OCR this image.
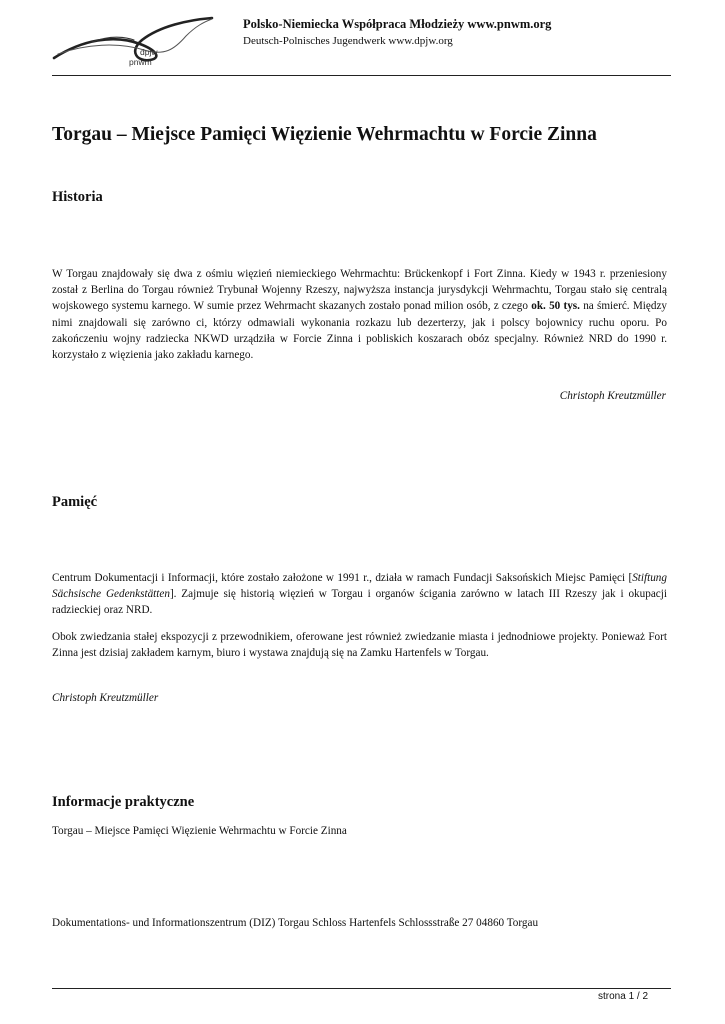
dpjw
pnwm
Polsko-Niemiecka Współpraca Młodzieży www.pnwm.org
Deutsch-Polnisches Jugendwerk www.dpjw.org
Torgau – Miejsce Pamięci Więzienie Wehrmachtu w Forcie Zinna
Historia

W Torgau znajdowały się dwa z ośmiu więzień niemieckiego Wehrmachtu: Brückenkopf i Fort Zinna. Kiedy w 1943 r. przeniesiony został z Berlina do Torgau również Trybunał Wojenny Rzeszy, najwyższa instancja jurysdykcji Wehrmachtu, Torgau stało się centralą wojskowego systemu karnego. W sumie przez Wehrmacht skazanych zostało ponad milion osób, z czego ok. 50 tys. na śmierć. Między nimi znajdowali się zarówno ci, którzy odmawiali wykonania rozkazu lub dezerterzy, jak i polscy bojownicy ruchu oporu. Po zakończeniu wojny radziecka NKWD urządziła w Forcie Zinna i pobliskich koszarach obóz specjalny. Również NRD do 1990 r. korzystało z więzienia jako zakładu karnego.

Christoph Kreutzmüller
Pamięć

Centrum Dokumentacji i Informacji, które zostało założone w 1991 r., działa w ramach Fundacji Saksońskich Miejsc Pamięci [Stiftung Sächsische Gedenkstätten]. Zajmuje się historią więzień w Torgau i organów ścigania zarówno w latach III Rzeszy jak i okupacji radzieckiej oraz NRD.

Obok zwiedzania stałej ekspozycji z przewodnikiem, oferowane jest również zwiedzanie miasta i jednodniowe projekty. Ponieważ Fort Zinna jest dzisiaj zakładem karnym, biuro i wystawa znajdują się na Zamku Hartenfels w Torgau.

Christoph Kreutzmüller
Informacje praktyczne
Torgau – Miejsce Pamięci Więzienie Wehrmachtu w Forcie Zinna
Dokumentations- und Informationszentrum (DIZ) Torgau Schloss Hartenfels Schlossstraße 27 04860 Torgau
strona 1 / 2
